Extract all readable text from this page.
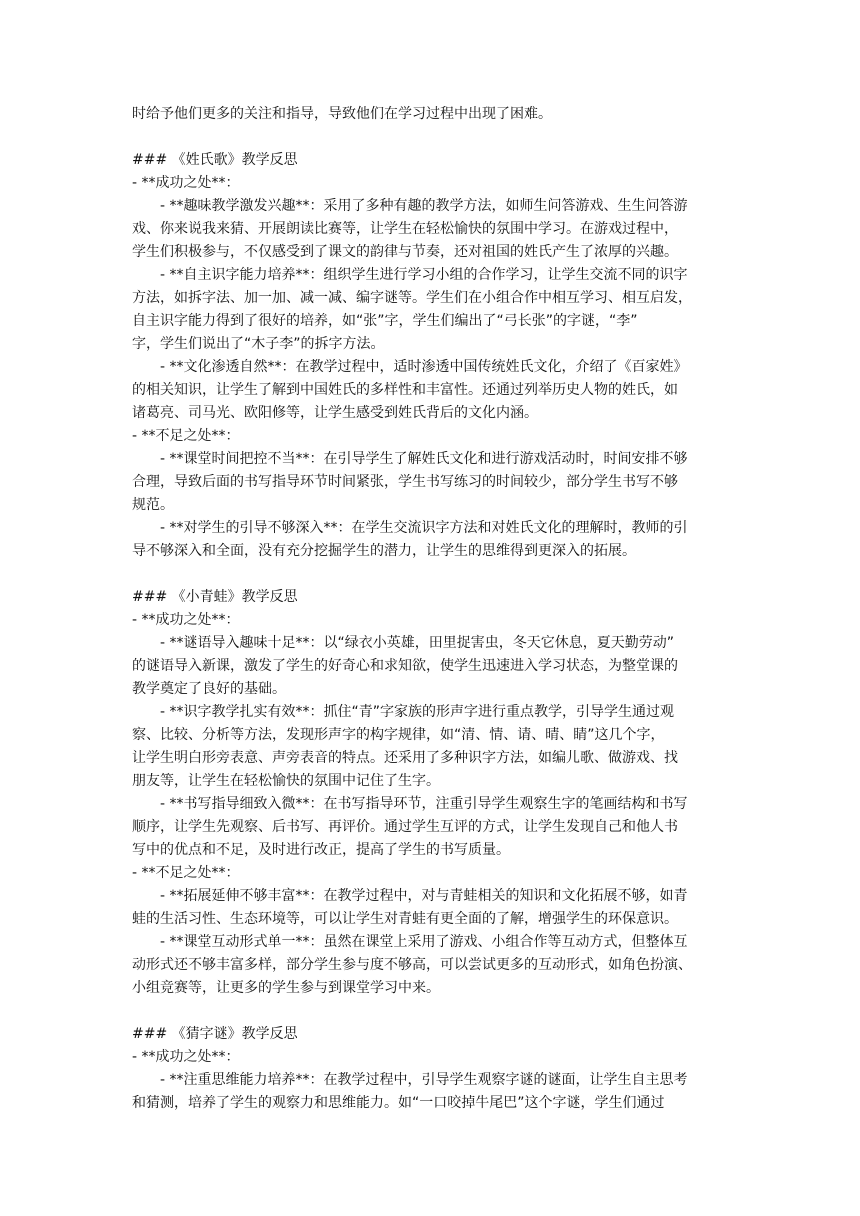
时给予他们更多的关注和指导，导致他们在学习过程中出现了困难。
### 《姓氏歌》教学反思
- **成功之处**：
- **趣味教学激发兴趣**：采用了多种有趣的教学方法，如师生问答游戏、生生问答游
戏、你来说我来猜、开展朗读比赛等，让学生在轻松愉快的氛围中学习。在游戏过程中，
学生们积极参与，不仅感受到了课文的韵律与节奏，还对祖国的姓氏产生了浓厚的兴趣。
- **自主识字能力培养**：组织学生进行学习小组的合作学习，让学生交流不同的识字
方法，如拆字法、加一加、减一减、编字谜等。学生们在小组合作中相互学习、相互启发，
自主识字能力得到了很好的培养，如“张”字，学生们编出了“弓长张”的字谜，“李”
字，学生们说出了“木子李”的拆字方法。
- **文化渗透自然**：在教学过程中，适时渗透中国传统姓氏文化，介绍了《百家姓》
的相关知识，让学生了解到中国姓氏的多样性和丰富性。还通过列举历史人物的姓氏，如
诸葛亮、司马光、欧阳修等，让学生感受到姓氏背后的文化内涵。
- **不足之处**：
- **课堂时间把控不当**：在引导学生了解姓氏文化和进行游戏活动时，时间安排不够
合理，导致后面的书写指导环节时间紧张，学生书写练习的时间较少，部分学生书写不够
规范。
- **对学生的引导不够深入**：在学生交流识字方法和对姓氏文化的理解时，教师的引
导不够深入和全面，没有充分挖掘学生的潜力，让学生的思维得到更深入的拓展。
### 《小青蛙》教学反思
- **成功之处**：
- **谜语导入趣味十足**：以“绿衣小英雄，田里捉害虫，冬天它休息，夏天勤劳动”
的谜语导入新课，激发了学生的好奇心和求知欲，使学生迅速进入学习状态，为整堂课的
教学奠定了良好的基础。
- **识字教学扎实有效**：抓住“青”字家族的形声字进行重点教学，引导学生通过观
察、比较、分析等方法，发现形声字的构字规律，如“清、情、请、晴、睛”这几个字，
让学生明白形旁表意、声旁表音的特点。还采用了多种识字方法，如编儿歌、做游戏、找
朋友等，让学生在轻松愉快的氛围中记住了生字。
- **书写指导细致入微**：在书写指导环节，注重引导学生观察生字的笔画结构和书写
顺序，让学生先观察、后书写、再评价。通过学生互评的方式，让学生发现自己和他人书
写中的优点和不足，及时进行改正，提高了学生的书写质量。
- **不足之处**：
- **拓展延伸不够丰富**：在教学过程中，对与青蛙相关的知识和文化拓展不够，如青
蛙的生活习性、生态环境等，可以让学生对青蛙有更全面的了解，增强学生的环保意识。
- **课堂互动形式单一**：虽然在课堂上采用了游戏、小组合作等互动方式，但整体互
动形式还不够丰富多样，部分学生参与度不够高，可以尝试更多的互动形式，如角色扮演、
小组竞赛等，让更多的学生参与到课堂学习中来。
### 《猜字谜》教学反思
- **成功之处**：
- **注重思维能力培养**：在教学过程中，引导学生观察字谜的谜面，让学生自主思考
和猜测，培养了学生的观察力和思维能力。如“一口咬掉牛尾巴”这个字谜，学生们通过
